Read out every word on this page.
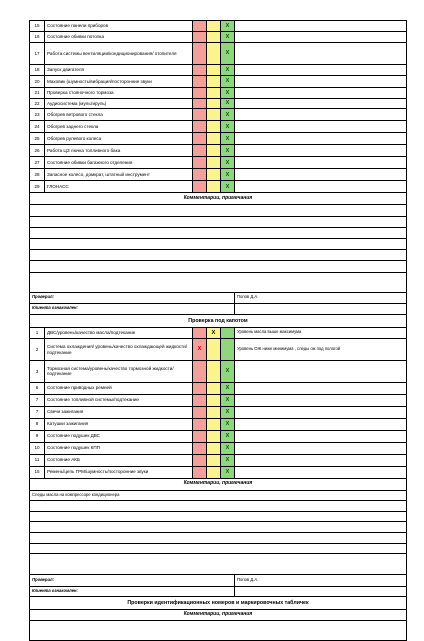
15	Состояние панели приборов			X	
16	Состояние обивки потолка			X	
17	Работа системы вентиляции/кондиционирования/ отопителя			X	
18	Запуск двигателя			X	
20	Маховик (шумность/вибрация/посторонние звуки			X	
21	Проверка стояночного тормоза			X	
22	Аудиосистема (мультируль)			X	
23	Обогрев ветрового стекла			X	
24	Обогрев заднего стекла			X	
25	Обогрев рулевого колеса			X	
26	Работа ЦЗ лючка топливного бака			X	
27	Состояние обивки багажного отделения			X	
28	Запасное колесо, домкрат, штатный инструмент			X	
29	ГЛОНАСС			X	
Комментарии, примечания					

Проверил:					Попов Д.А.
Клиента ознакомлен:					
Проверка под капотом					
1	ДВС/уровень/качество масла/подтекание		X		Уровень масла выше максимума
2	Система охлаждения/ уровень/качество охлаждающей жидкости/подтекание	X			Уровень ОЖ ниже минимума , следы ож под пологой
3	Тормозная система/уровень/качество тормозной жидкости/подтекание			X	
6	Состояние приводных ремней			X	
7	Состояние топливной системы/подтекание			X	
7	Свечи зажигания			X	
8	Катушки зажигания			X	
9	Состояние подушек ДВС			X	
10	Состояние подушек КПП			X	
11	Состояние АКБ			X	
15	Ремень/цепь ГРМ/шумность/посторонние звуки			X	
Комментарии, примечания					
Следы масла на компрессоре кондиционера					

Проверил:					Попов Д.А.
Клиента ознакомлен:					
Проверки идентификационных номеров и маркировочных табличек					
Комментарии, примечания					
